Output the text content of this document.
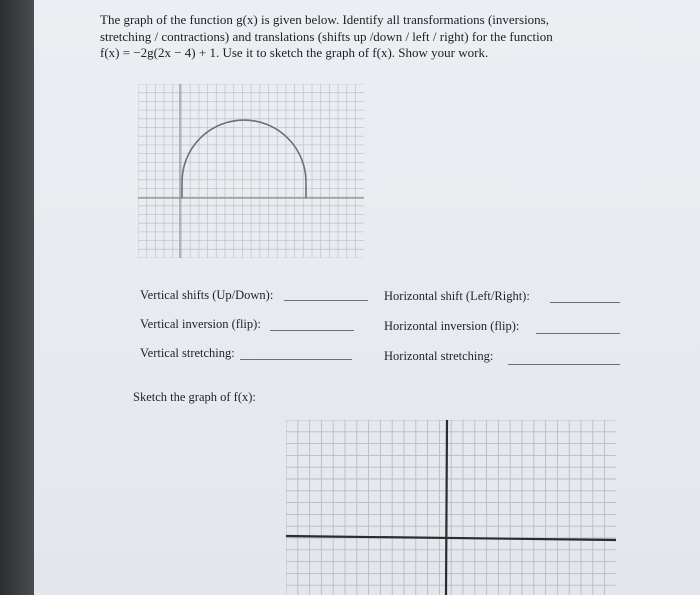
The graph of the function g(x) is given below. Identify all transformations (inversions,

stretching / contractions) and translations (shifts up /down / left / right) for the function

f(x) = −2g(2x − 4) + 1. Use it to sketch the graph of f(x). Show your work.

Vertical shifts (Up/Down):
Vertical inversion (flip):
Vertical stretching:
Horizontal shift (Left/Right):
Horizontal inversion (flip):
Horizontal stretching:
Sketch the graph of f(x):
